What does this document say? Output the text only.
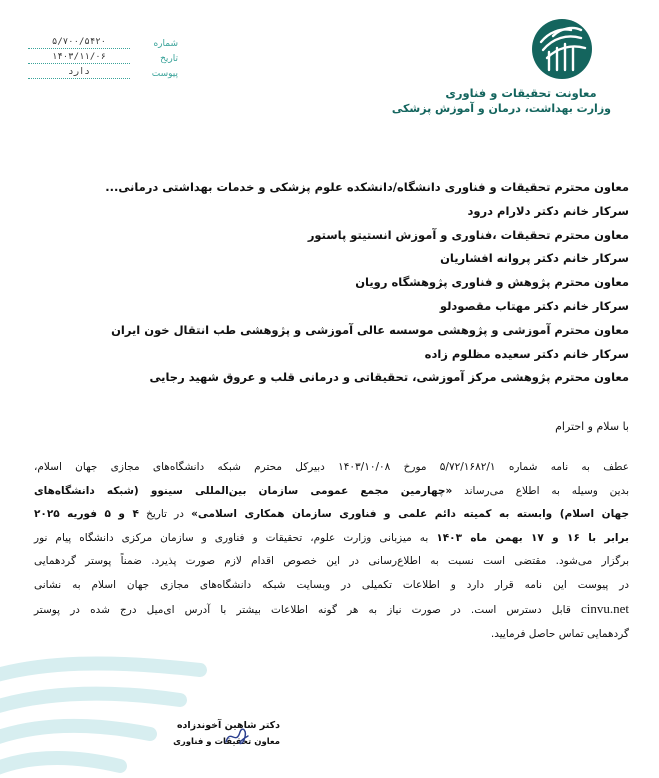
معاونت تحقیقات و فناوری
وزارت بهداشت، درمان و آموزش پزشکی
شماره
۵/۷۰۰/۵۴۲۰
تاریخ
۱۴۰۳/۱۱/۰۶
پیوست
دارد
معاون محترم تحقیقات و فناوری دانشگاه/دانشکده علوم پزشکی و خدمات بهداشتی درمانی...
سرکار خانم دکتر دلارام درود
معاون محترم تحقیقات ،فناوری و آموزش انستیتو پاستور
سرکار خانم دکتر پروانه افشاریان
معاون محترم پژوهش و فناوری پژوهشگاه رویان
سرکار خانم دکتر مهتاب مقصودلو
معاون محترم آموزشی و پژوهشی موسسه عالی آموزشی و پژوهشی طب انتقال خون ایران
سرکار خانم دکتر سعیده مظلوم زاده
معاون محترم پژوهشی مرکز آموزشی، تحقیقاتی و درمانی قلب و عروق شهید رجایی
با سلام و احترام
عطف به نامه شماره ۵/۷۲/۱۶۸۲/۱ مورخ ۱۴۰۳/۱۰/۰۸ دبیرکل محترم شبکه دانشگاه‌های مجازی جهان اسلام،
بدین وسیله به اطلاع می‌رساند «چهارمین مجمع عمومی سازمان بین‌المللی سینوو (شبکه دانشگاه‌های
جهان اسلام) وابسته به کمیته دائم علمی و فناوری سازمان همکاری اسلامی» در تاریخ ۴ و ۵ فوریه ۲۰۲۵
برابر با ۱۶ و ۱۷ بهمن ماه ۱۴۰۳ به میزبانی وزارت علوم، تحقیقات و فناوری و سازمان مرکزی دانشگاه پیام نور
برگزار می‌شود. مقتضی است نسبت به اطلاع‌رسانی در این خصوص اقدام لازم صورت پذیرد. ضمناً پوستر گردهمایی
در پیوست این نامه قرار دارد و اطلاعات تکمیلی در وبسایت شبکه دانشگاه‌های مجازی جهان اسلام به نشانی
cinvu.net قابل دسترس است. در صورت نیاز به هر گونه اطلاعات بیشتر با آدرس ای‌میل درج شده در پوستر
گردهمایی تماس حاصل فرمایید.
دکتر شاهین آخوندزاده
معاون تحقیقات و فناوری
